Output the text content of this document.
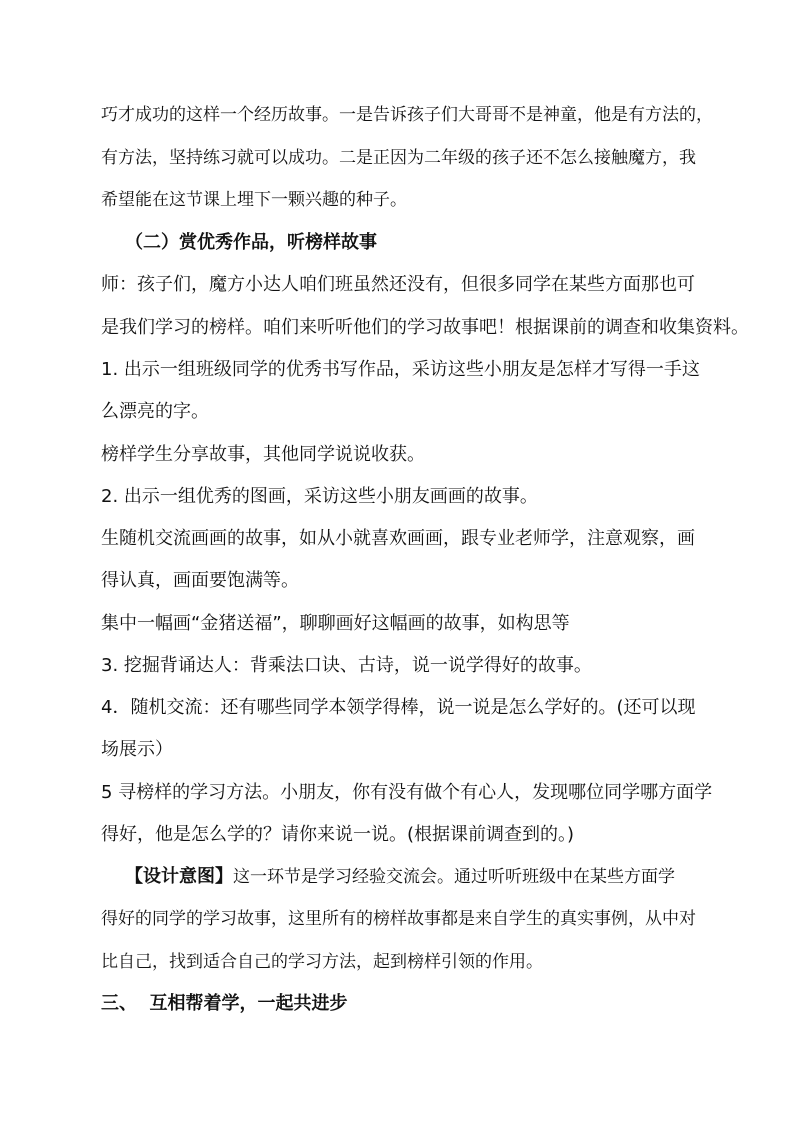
巧才成功的这样一个经历故事。一是告诉孩子们大哥哥不是神童，他是有方法的，
有方法，坚持练习就可以成功。二是正因为二年级的孩子还不怎么接触魔方，我
希望能在这节课上埋下一颗兴趣的种子。
（二）赏优秀作品，听榜样故事
师：孩子们，魔方小达人咱们班虽然还没有，但很多同学在某些方面那也可
是我们学习的榜样。咱们来听听他们的学习故事吧！根据课前的调查和收集资料。
1. 出示一组班级同学的优秀书写作品，采访这些小朋友是怎样才写得一手这
么漂亮的字。
榜样学生分享故事，其他同学说说收获。
2. 出示一组优秀的图画，采访这些小朋友画画的故事。
生随机交流画画的故事，如从小就喜欢画画，跟专业老师学，注意观察，画
得认真，画面要饱满等。
集中一幅画“金猪送福”，聊聊画好这幅画的故事，如构思等
3. 挖掘背诵达人：背乘法口诀、古诗，说一说学得好的故事。
4．随机交流：还有哪些同学本领学得棒，说一说是怎么学好的。(还可以现
场展示）
5 寻榜样的学习方法。小朋友，你有没有做个有心人，发现哪位同学哪方面学
得好，他是怎么学的？请你来说一说。(根据课前调查到的。)
【设计意图】这一环节是学习经验交流会。通过听听班级中在某些方面学
得好的同学的学习故事，这里所有的榜样故事都是来自学生的真实事例，从中对
比自己，找到适合自己的学习方法，起到榜样引领的作用。
三、  互相帮着学，一起共进步
